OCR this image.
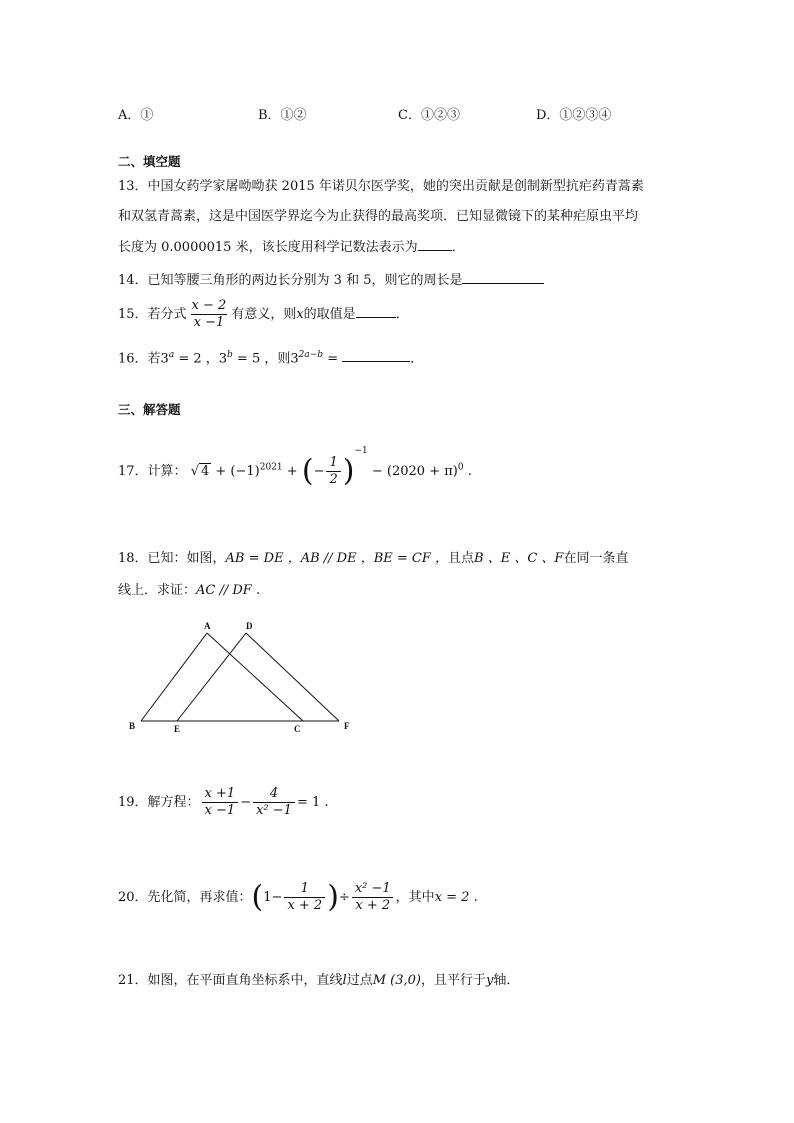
A．①	B．①②	C．①②③	D．①②③④
二、填空题
13．中国女药学家屠呦呦获 2015 年诺贝尔医学奖，她的突出贡献是创制新型抗疟药青蒿素
和双氢青蒿素，这是中国医学界迄今为止获得的最高奖项．已知显微镜下的某种疟原虫平均
长度为 0.0000015 米，该长度用科学记数法表示为	．
14．已知等腰三角形的两边长分别为 3 和 5，则它的周长是
15．若分式 $\frac{x - 2}{x -1}$ 有意义，则x的取值是	．
16．若$3^a = 2$ ，$3^b = 5$ ，则$3^{2a-b}$ =	．
三、解答题
17．计算： √ $4 + (-1)^{2021}$ + (− $\frac{1}{2} )^{-1} - (2020 + \pi)^0$ .
18．已知：如图，AB = DE ，AB // DE ，BE = CF ，且点B 、E 、C 、F在同一条直
线上．求证：AC // DF .
A	D
B	E	C	F
19．解方程： $\frac{x +1}{x -1} - \frac{4}{\text{x² −1}} = 1$ .
20．先化简，再求值：($1- \frac{1}{x + 2}$ )÷ $\frac{\text{x² −1}}{x + 2}$ ，其中x = 2 .
21．如图，在平面直角坐标系中，直线l过点M (3,0)，且平行于y轴．
